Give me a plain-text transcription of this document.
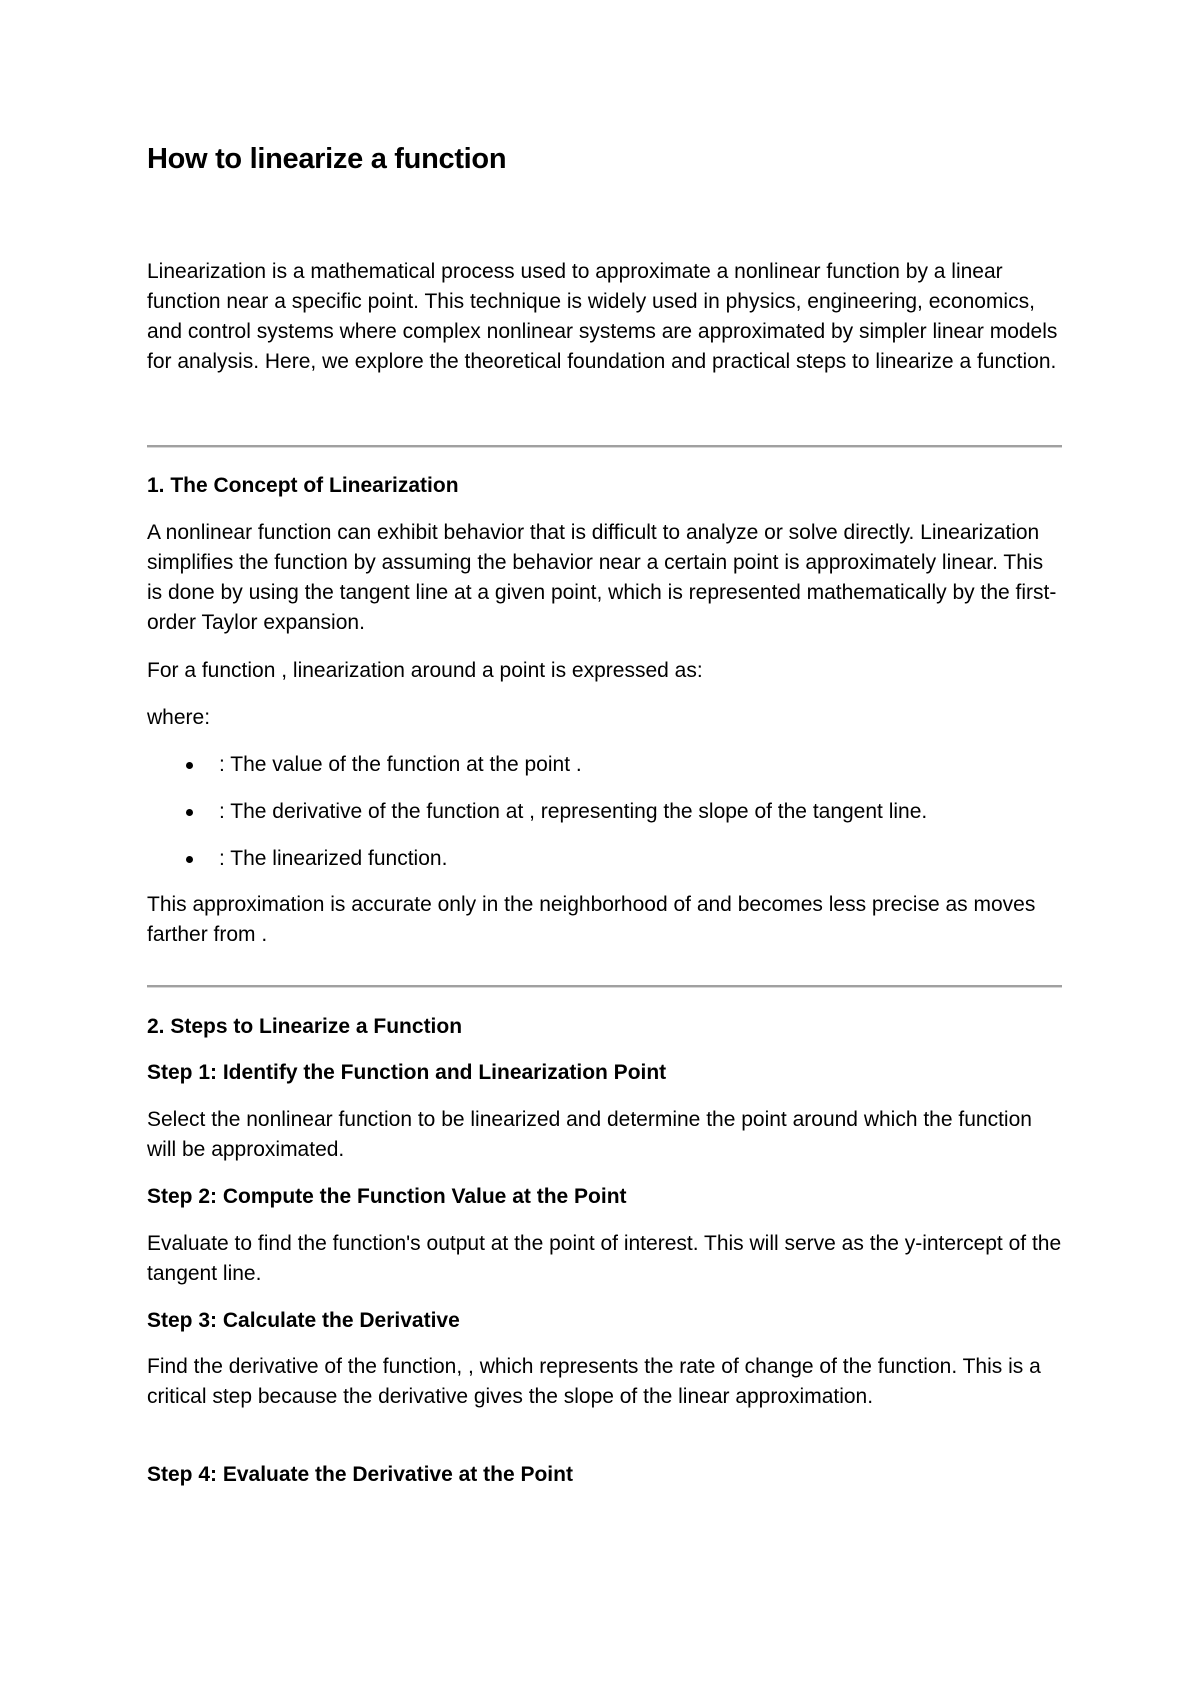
How to linearize a function

Linearization is a mathematical process used to approximate a nonlinear function by a linear function near a specific point. This technique is widely used in physics, engineering, economics, and control systems where complex nonlinear systems are approximated by simpler linear models for analysis. Here, we explore the theoretical foundation and practical steps to linearize a function.

1. The Concept of Linearization

A nonlinear function can exhibit behavior that is difficult to analyze or solve directly. Linearization simplifies the function by assuming the behavior near a certain point is approximately linear. This is done by using the tangent line at a given point, which is represented mathematically by the first-order Taylor expansion.

For a function , linearization around a point is expressed as:

where:

: The value of the function at the point .
: The derivative of the function at , representing the slope of the tangent line.
: The linearized function.

This approximation is accurate only in the neighborhood of and becomes less precise as moves farther from .

2. Steps to Linearize a Function
Step 1: Identify the Function and Linearization Point

Select the nonlinear function to be linearized and determine the point around which the function will be approximated.

Step 2: Compute the Function Value at the Point

Evaluate to find the function's output at the point of interest. This will serve as the y-intercept of the tangent line.

Step 3: Calculate the Derivative

Find the derivative of the function, , which represents the rate of change of the function. This is a critical step because the derivative gives the slope of the linear approximation.

Step 4: Evaluate the Derivative at the Point
